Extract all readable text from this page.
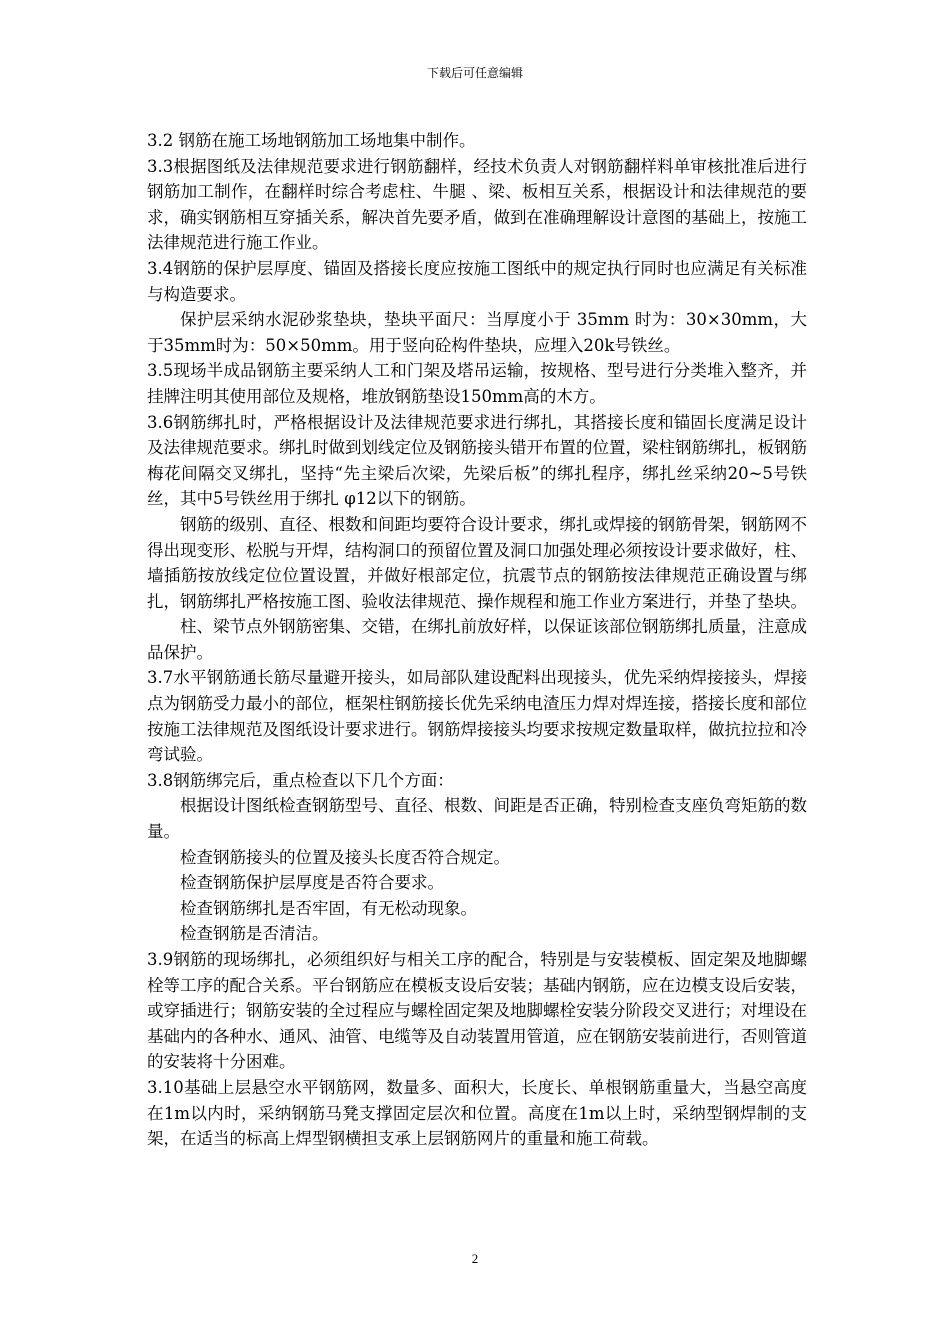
下载后可任意编辑

3.2 钢筋在施工场地钢筋加工场地集中制作。

3.3根据图纸及法律规范要求进行钢筋翻样，经技术负责人对钢筋翻样料单审核批准后进行钢筋加工制作，在翻样时综合考虑柱、牛腿 、梁、板相互关系，根据设计和法律规范的要求，确实钢筋相互穿插关系，解决首先要矛盾，做到在准确理解设计意图的基础上，按施工法律规范进行施工作业。

3.4钢筋的保护层厚度、锚固及搭接长度应按施工图纸中的规定执行同时也应满足有关标准与构造要求。

保护层采纳水泥砂浆垫块，垫块平面尺：当厚度小于 35mm 时为：30×30mm，大于35mm时为：50×50mm。用于竖向砼构件垫块，应埋入20k号铁丝。

3.5现场半成品钢筋主要采纳人工和门架及塔吊运输，按规格、型号进行分类堆入整齐，并挂牌注明其使用部位及规格，堆放钢筋垫设150mm高的木方。

3.6钢筋绑扎时，严格根据设计及法律规范要求进行绑扎，其搭接长度和锚固长度满足设计及法律规范要求。绑扎时做到划线定位及钢筋接头错开布置的位置，梁柱钢筋绑扎，板钢筋梅花间隔交叉绑扎，坚持“先主梁后次梁，先梁后板”的绑扎程序，绑扎丝采纳20~5号铁丝，其中5号铁丝用于绑扎 φ12以下的钢筋。

钢筋的级别、直径、根数和间距均要符合设计要求，绑扎或焊接的钢筋骨架，钢筋网不得出现变形、松脱与开焊，结构洞口的预留位置及洞口加强处理必须按设计要求做好，柱、墙插筋按放线定位位置设置，并做好根部定位，抗震节点的钢筋按法律规范正确设置与绑扎，钢筋绑扎严格按施工图、验收法律规范、操作规程和施工作业方案进行，并垫了垫块。

柱、梁节点外钢筋密集、交错，在绑扎前放好样，以保证该部位钢筋绑扎质量，注意成品保护。

3.7水平钢筋通长筋尽量避开接头，如局部队建设配料出现接头，优先采纳焊接接头，焊接点为钢筋受力最小的部位，框架柱钢筋接长优先采纳电渣压力焊对焊连接，搭接长度和部位按施工法律规范及图纸设计要求进行。钢筋焊接接头均要求按规定数量取样，做抗拉拉和冷弯试验。

3.8钢筋绑完后，重点检查以下几个方面：

根据设计图纸检查钢筋型号、直径、根数、间距是否正确，特别检查支座负弯矩筋的数量。

检查钢筋接头的位置及接头长度否符合规定。

检查钢筋保护层厚度是否符合要求。

检查钢筋绑扎是否牢固，有无松动现象。

检查钢筋是否清洁。

3.9钢筋的现场绑扎，必须组织好与相关工序的配合，特别是与安装模板、固定架及地脚螺栓等工序的配合关系。平台钢筋应在模板支设后安装；基础内钢筋，应在边模支设后安装，或穿插进行；钢筋安装的全过程应与螺栓固定架及地脚螺栓安装分阶段交叉进行；对埋设在基础内的各种水、通风、油管、电缆等及自动装置用管道，应在钢筋安装前进行，否则管道的安装将十分困难。

3.10基础上层悬空水平钢筋网，数量多、面积大，长度长、单根钢筋重量大，当悬空高度在1m以内时，采纳钢筋马凳支撑固定层次和位置。高度在1m以上时，采纳型钢焊制的支架，在适当的标高上焊型钢横担支承上层钢筋网片的重量和施工荷载。

2
